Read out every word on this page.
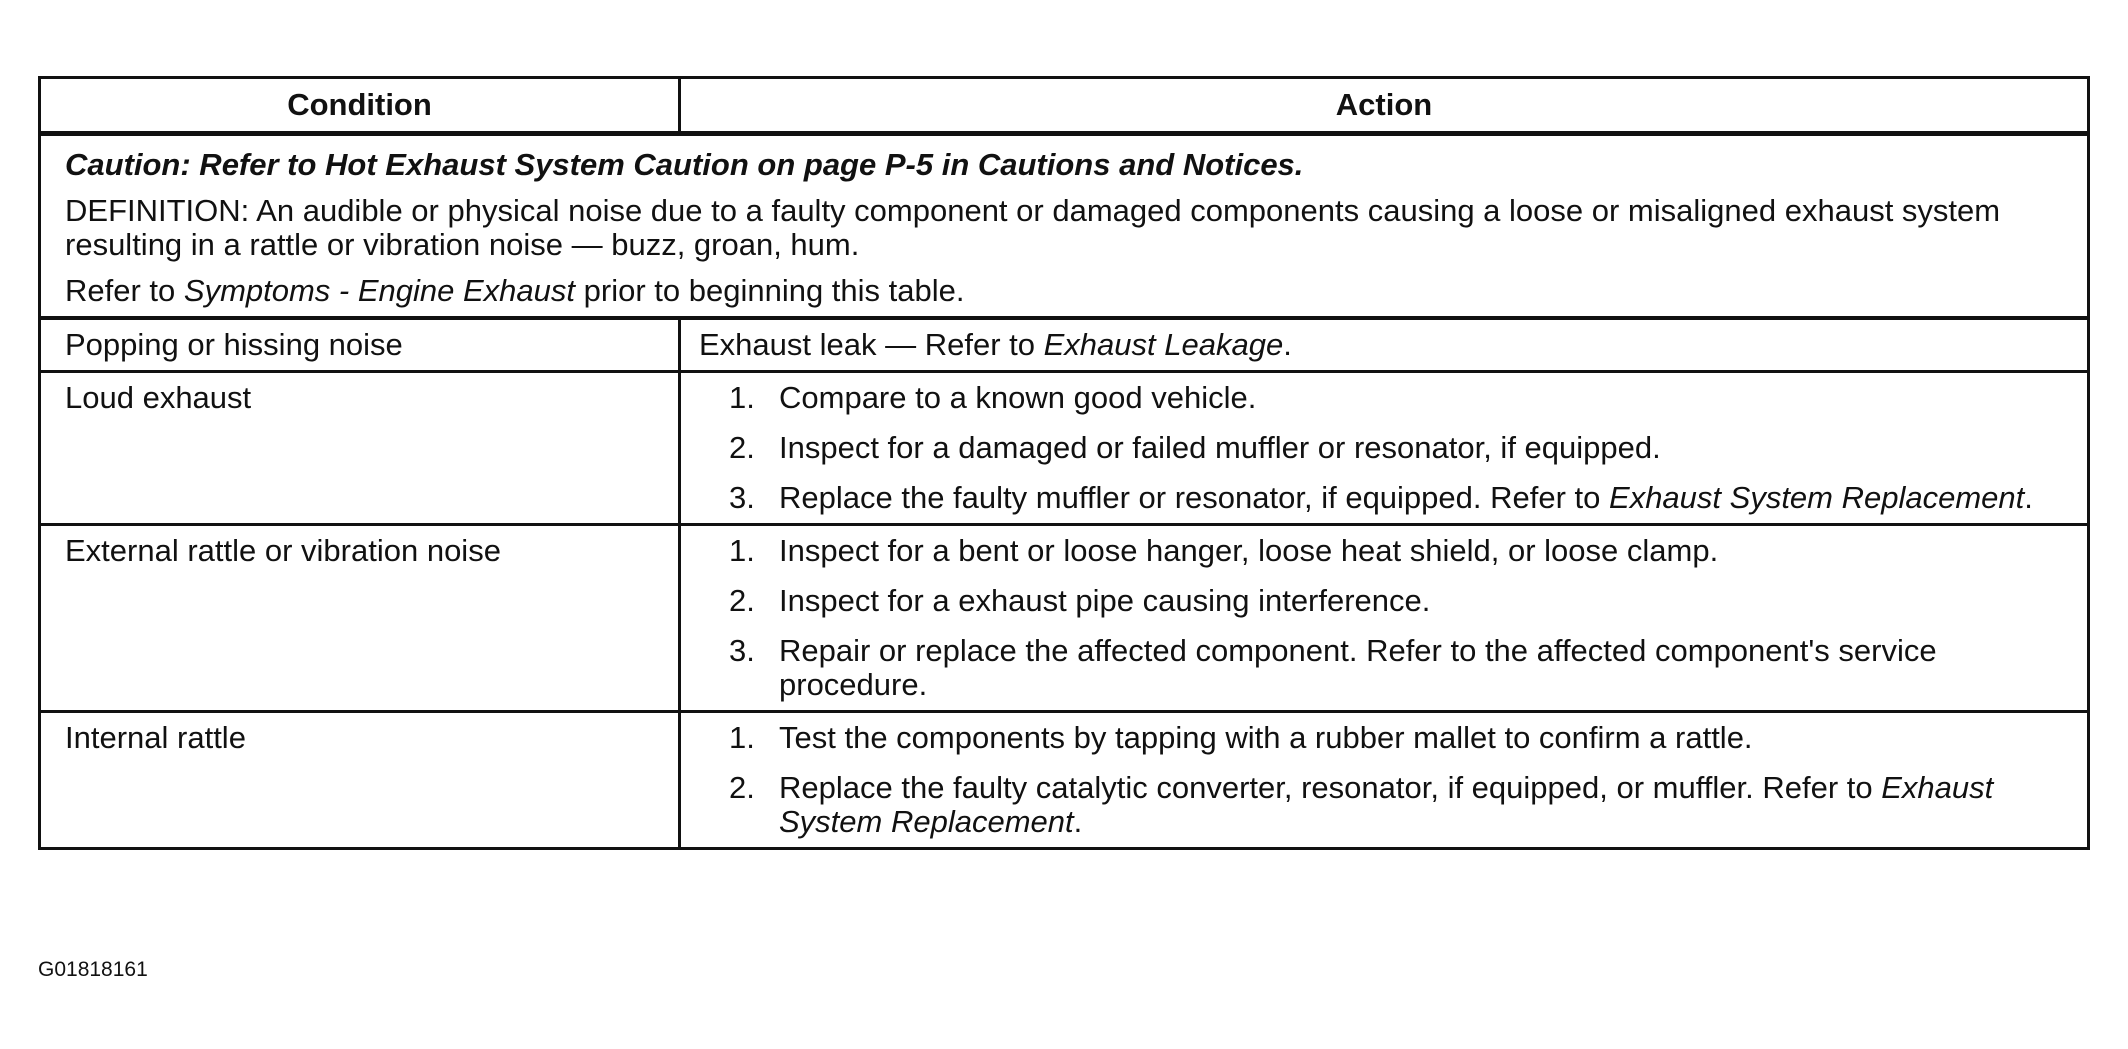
Condition	Action

Caution: Refer to Hot Exhaust System Caution on page P-5 in Cautions and Notices.

DEFINITION: An audible or physical noise due to a faulty component or damaged components causing a loose or misaligned exhaust system resulting in a rattle or vibration noise — buzz, groan, hum.

Refer to Symptoms - Engine Exhaust prior to beginning this table.

Popping or hissing noise	Exhaust leak — Refer to Exhaust Leakage.
Loud exhaust	1. Compare to a known good vehicle.
2. Inspect for a damaged or failed muffler or resonator, if equipped.
3. Replace the faulty muffler or resonator, if equipped. Refer to Exhaust System Replacement.
External rattle or vibration noise	1. Inspect for a bent or loose hanger, loose heat shield, or loose clamp.
2. Inspect for a exhaust pipe causing interference.
3. Repair or replace the affected component. Refer to the affected component's service procedure.
Internal rattle	1. Test the components by tapping with a rubber mallet to confirm a rattle.
2. Replace the faulty catalytic converter, resonator, if equipped, or muffler. Refer to Exhaust System Replacement.
G01818161
